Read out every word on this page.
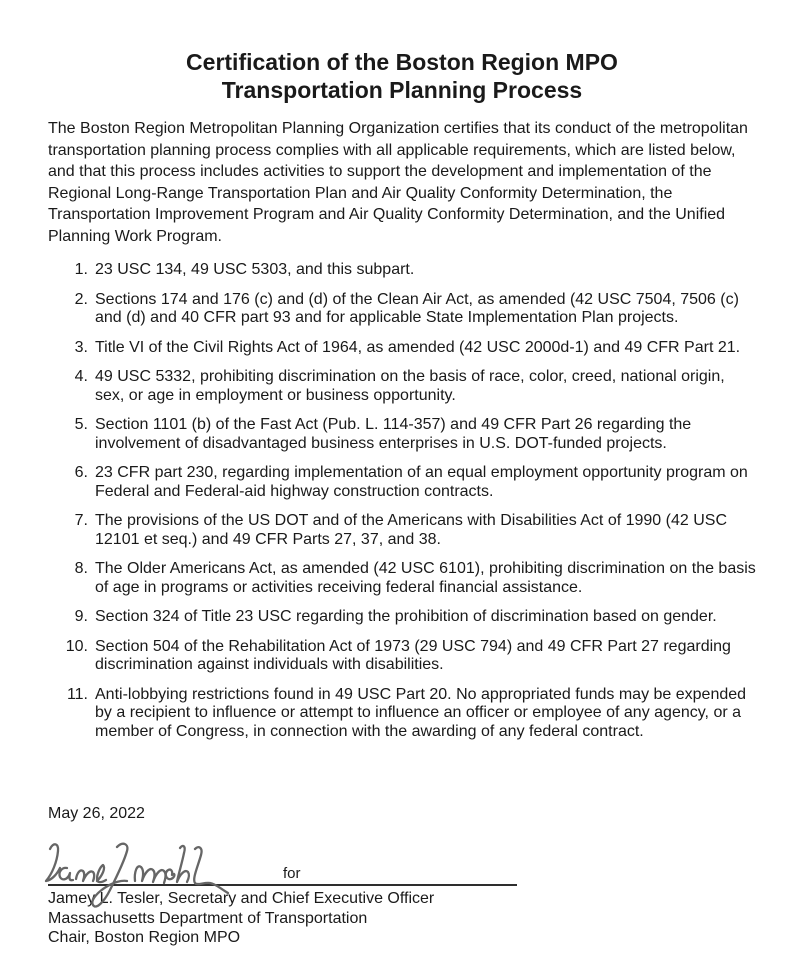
Certification of the Boston Region MPO
Transportation Planning Process

The Boston Region Metropolitan Planning Organization certifies that its conduct of the metropolitan transportation planning process complies with all applicable requirements, which are listed below, and that this process includes activities to support the development and implementation of the Regional Long-Range Transportation Plan and Air Quality Conformity Determination, the Transportation Improvement Program and Air Quality Conformity Determination, and the Unified Planning Work Program.

1. 23 USC 134, 49 USC 5303, and this subpart.
2. Sections 174 and 176 (c) and (d) of the Clean Air Act, as amended (42 USC 7504, 7506 (c) and (d) and 40 CFR part 93 and for applicable State Implementation Plan projects.
3. Title VI of the Civil Rights Act of 1964, as amended (42 USC 2000d-1) and 49 CFR Part 21.
4. 49 USC 5332, prohibiting discrimination on the basis of race, color, creed, national origin, sex, or age in employment or business opportunity.
5. Section 1101 (b) of the Fast Act (Pub. L. 114-357) and 49 CFR Part 26 regarding the involvement of disadvantaged business enterprises in U.S. DOT-funded projects.
6. 23 CFR part 230, regarding implementation of an equal employment opportunity program on Federal and Federal-aid highway construction contracts.
7. The provisions of the US DOT and of the Americans with Disabilities Act of 1990 (42 USC 12101 et seq.) and 49 CFR Parts 27, 37, and 38.
8. The Older Americans Act, as amended (42 USC 6101), prohibiting discrimination on the basis of age in programs or activities receiving federal financial assistance.
9. Section 324 of Title 23 USC regarding the prohibition of discrimination based on gender.
10. Section 504 of the Rehabilitation Act of 1973 (29 USC 794) and 49 CFR Part 27 regarding discrimination against individuals with disabilities.
11. Anti-lobbying restrictions found in 49 USC Part 20. No appropriated funds may be expended by a recipient to influence or attempt to influence an officer or employee of any agency, or a member of Congress, in connection with the awarding of any federal contract.

May 26, 2022

for
Jamey L. Tesler, Secretary and Chief Executive Officer
Massachusetts Department of Transportation
Chair, Boston Region MPO
